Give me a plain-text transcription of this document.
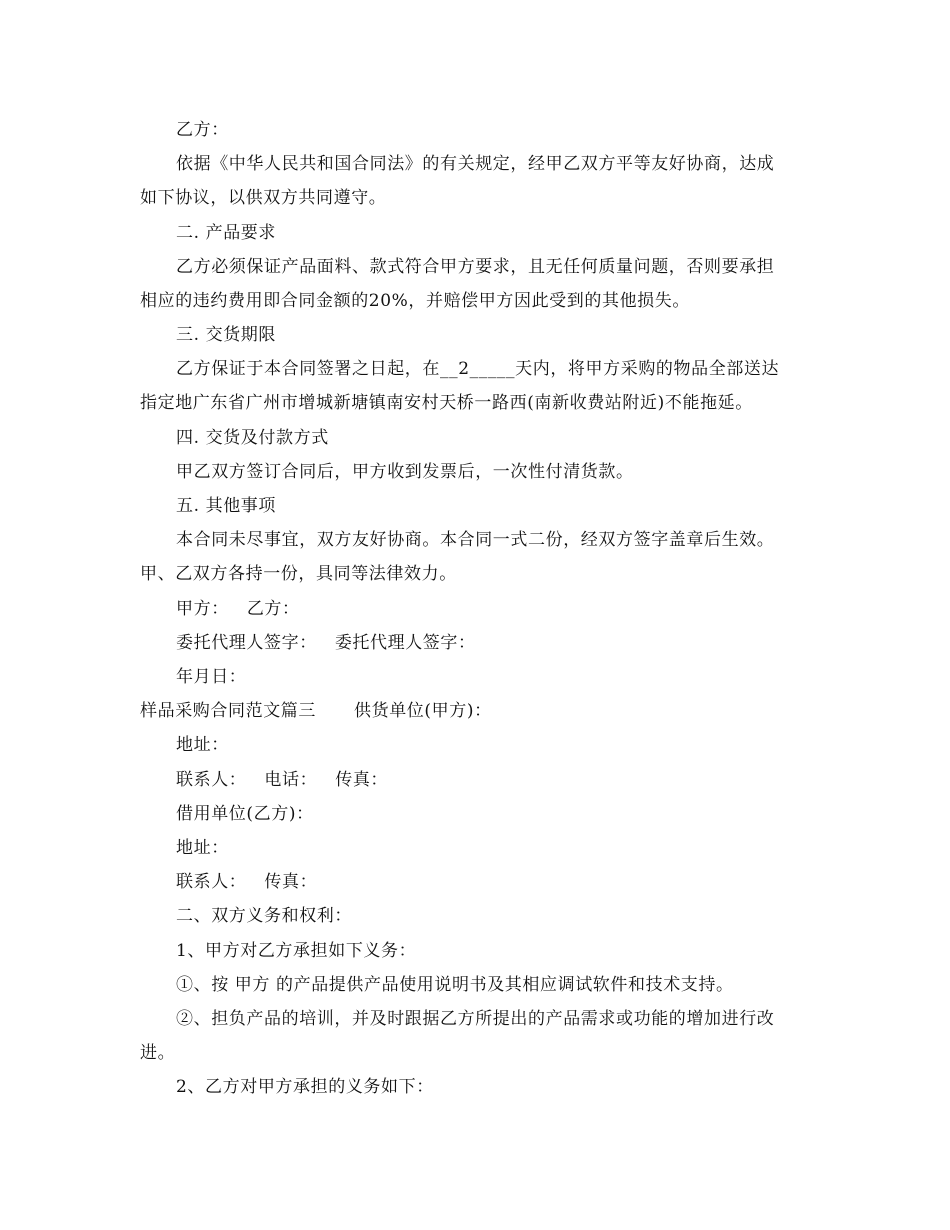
乙方：
依据《中华人民共和国合同法》的有关规定，经甲乙双方平等友好协商，达成
如下协议，以供双方共同遵守。
二. 产品要求
乙方必须保证产品面料、款式符合甲方要求，且无任何质量问题，否则要承担
相应的违约费用即合同金额的20%，并赔偿甲方因此受到的其他损失。
三. 交货期限
乙方保证于本合同签署之日起，在__2_____天内，将甲方采购的物品全部送达
指定地广东省广州市增城新塘镇南安村天桥一路西(南新收费站附近)不能拖延。
四. 交货及付款方式
甲乙双方签订合同后，甲方收到发票后，一次性付清货款。
五. 其他事项
本合同未尽事宜，双方友好协商。本合同一式二份，经双方签字盖章后生效。
甲、乙双方各持一份，具同等法律效力。
甲方： 乙方：
委托代理人签字： 委托代理人签字：
年月日：
样品采购合同范文篇三 供货单位(甲方)：
地址：
联系人： 电话： 传真：
借用单位(乙方)：
地址：
联系人： 传真：
二、双方义务和权利：
1、甲方对乙方承担如下义务：
①、按 甲方 的产品提供产品使用说明书及其相应调试软件和技术支持。
②、担负产品的培训，并及时跟据乙方所提出的产品需求或功能的增加进行改
进。
2、乙方对甲方承担的义务如下：
